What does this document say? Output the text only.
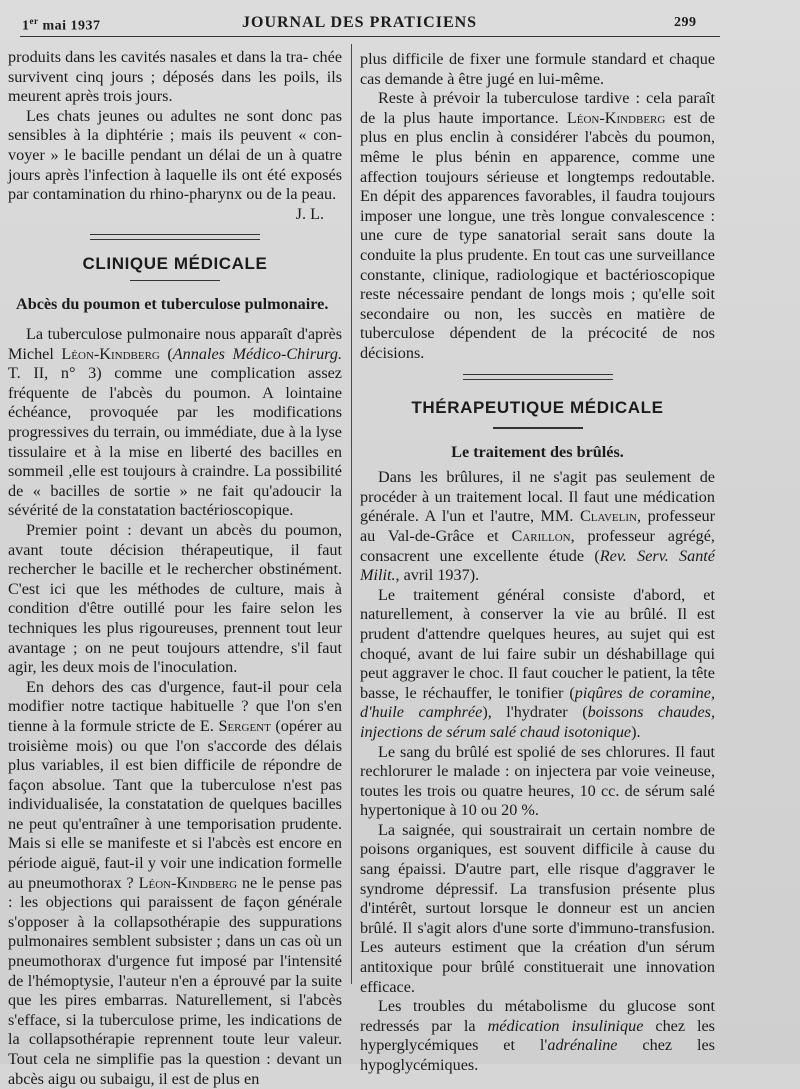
1er mai 1937	JOURNAL DES PRATICIENS	299

produits dans les cavités nasales et dans la tra- chée survivent cinq jours ; déposés dans les poils, ils meurent après trois jours.

Les chats jeunes ou adultes ne sont donc pas sensibles à la diphtérie ; mais ils peuvent « con- voyer » le bacille pendant un délai de un à quatre jours après l'infection à laquelle ils ont été exposés par contamination du rhino-pharynx ou de la peau.

J. L.

CLINIQUE MÉDICALE

Abcès du poumon et tuberculose pulmonaire.

La tuberculose pulmonaire nous apparaît d'après Michel Léon-Kindberg (Annales Médico-Chirurg. T. II, n° 3) comme une complication assez fréquente de l'abcès du poumon. A lointaine échéance, provoquée par les modifications progressives du terrain, ou immédiate, due à la lyse tissulaire et à la mise en liberté des bacilles en sommeil ,elle est toujours à craindre. La possibilité de « bacilles de sortie » ne fait qu'adoucir la sévérité de la constatation bactérioscopique.

Premier point : devant un abcès du poumon, avant toute décision thérapeutique, il faut rechercher le bacille et le rechercher obstinément. C'est ici que les méthodes de culture, mais à condition d'être outillé pour les faire selon les techniques les plus rigoureuses, prennent tout leur avantage ; on ne peut toujours attendre, s'il faut agir, les deux mois de l'inoculation.

En dehors des cas d'urgence, faut-il pour cela modifier notre tactique habituelle ? que l'on s'en tienne à la formule stricte de E. Sergent (opérer au troisième mois) ou que l'on s'accorde des délais plus variables, il est bien difficile de répondre de façon absolue. Tant que la tuberculose n'est pas individualisée, la constatation de quelques bacilles ne peut qu'entraîner à une temporisation prudente. Mais si elle se manifeste et si l'abcès est encore en période aiguë, faut-il y voir une indication formelle au pneumothorax ? Léon-Kindberg ne le pense pas : les objections qui paraissent de façon générale s'opposer à la collapsothérapie des suppurations pulmonaires semblent subsister ; dans un cas où un pneumothorax d'urgence fut imposé par l'intensité de l'hémoptysie, l'auteur n'en a éprouvé par la suite que les pires embarras. Naturellement, si l'abcès s'efface, si la tuberculose prime, les indications de la collapsothérapie reprennent toute leur valeur. Tout cela ne simplifie pas la question : devant un abcès aigu ou subaigu, il est de plus en

plus difficile de fixer une formule standard et chaque cas demande à être jugé en lui-même.

Reste à prévoir la tuberculose tardive : cela paraît de la plus haute importance. Léon-Kindberg est de plus en plus enclin à considérer l'abcès du poumon, même le plus bénin en apparence, comme une affection toujours sérieuse et longtemps redoutable. En dépit des apparences favorables, il faudra toujours imposer une longue, une très longue convalescence : une cure de type sanatorial serait sans doute la conduite la plus prudente. En tout cas une surveillance constante, clinique, radiologique et bactérioscopique reste nécessaire pendant de longs mois ; qu'elle soit secondaire ou non, les succès en matière de tuberculose dépendent de la précocité de nos décisions.

THÉRAPEUTIQUE MÉDICALE

Le traitement des brûlés.

Dans les brûlures, il ne s'agit pas seulement de procéder à un traitement local. Il faut une médication générale. A l'un et l'autre, MM. Clavelin, professeur au Val-de-Grâce et Carillon, professeur agrégé, consacrent une excellente étude (Rev. Serv. Santé Milit., avril 1937).

Le traitement général consiste d'abord, et naturellement, à conserver la vie au brûlé. Il est prudent d'attendre quelques heures, au sujet qui est choqué, avant de lui faire subir un déshabillage qui peut aggraver le choc. Il faut coucher le patient, la tête basse, le réchauffer, le tonifier (piqûres de coramine, d'huile camphrée), l'hydrater (boissons chaudes, injections de sérum salé chaud isotonique).

Le sang du brûlé est spolié de ses chlorures. Il faut rechlorurer le malade : on injectera par voie veineuse, toutes les trois ou quatre heures, 10 cc. de sérum salé hypertonique à 10 ou 20 %.

La saignée, qui soustrairait un certain nombre de poisons organiques, est souvent difficile à cause du sang épaissi. D'autre part, elle risque d'aggraver le syndrome dépressif. La transfusion présente plus d'intérêt, surtout lorsque le donneur est un ancien brûlé. Il s'agit alors d'une sorte d'immuno-transfusion. Les auteurs estiment que la création d'un sérum antitoxique pour brûlé constituerait une innovation efficace.

Les troubles du métabolisme du glucose sont redressés par la médication insulinique chez les hyperglycémiques et l'adrénaline chez les hypoglycémiques.
